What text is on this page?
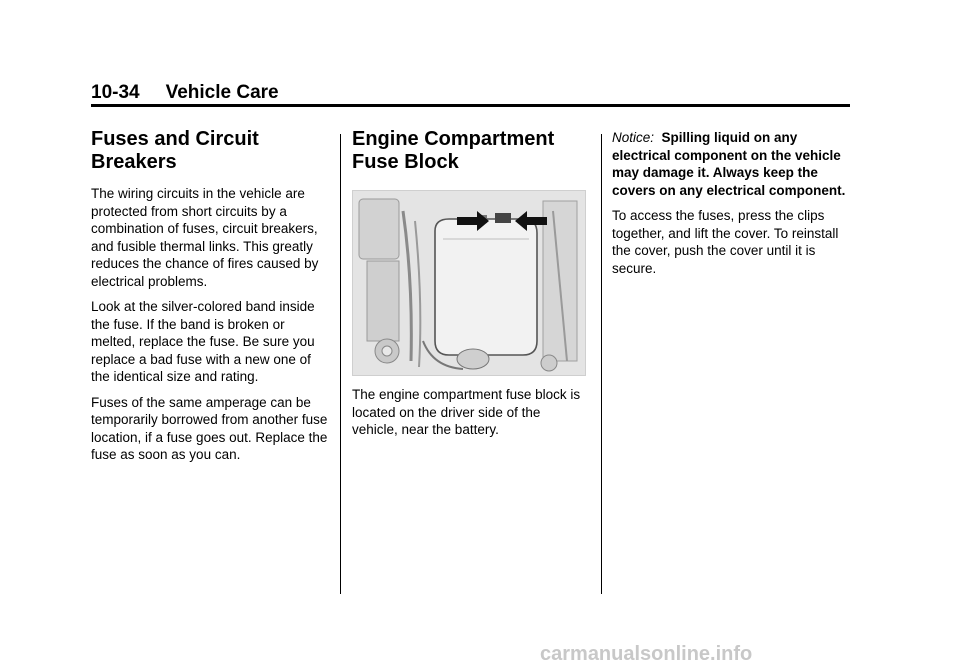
10-34 Vehicle Care
Fuses and Circuit
Breakers

The wiring circuits in the vehicle are protected from short circuits by a combination of fuses, circuit breakers, and fusible thermal links. This greatly reduces the chance of fires caused by electrical problems.

Look at the silver-colored band inside the fuse. If the band is broken or melted, replace the fuse. Be sure you replace a bad fuse with a new one of the identical size and rating.

Fuses of the same amperage can be temporarily borrowed from another fuse location, if a fuse goes out. Replace the fuse as soon as you can.

Engine Compartment
Fuse Block

The engine compartment fuse block is located on the driver side of the vehicle, near the battery.

Notice: Spilling liquid on any electrical component on the vehicle may damage it. Always keep the covers on any electrical component.

To access the fuses, press the clips together, and lift the cover. To reinstall the cover, push the cover until it is secure.

carmanualsonline.info
